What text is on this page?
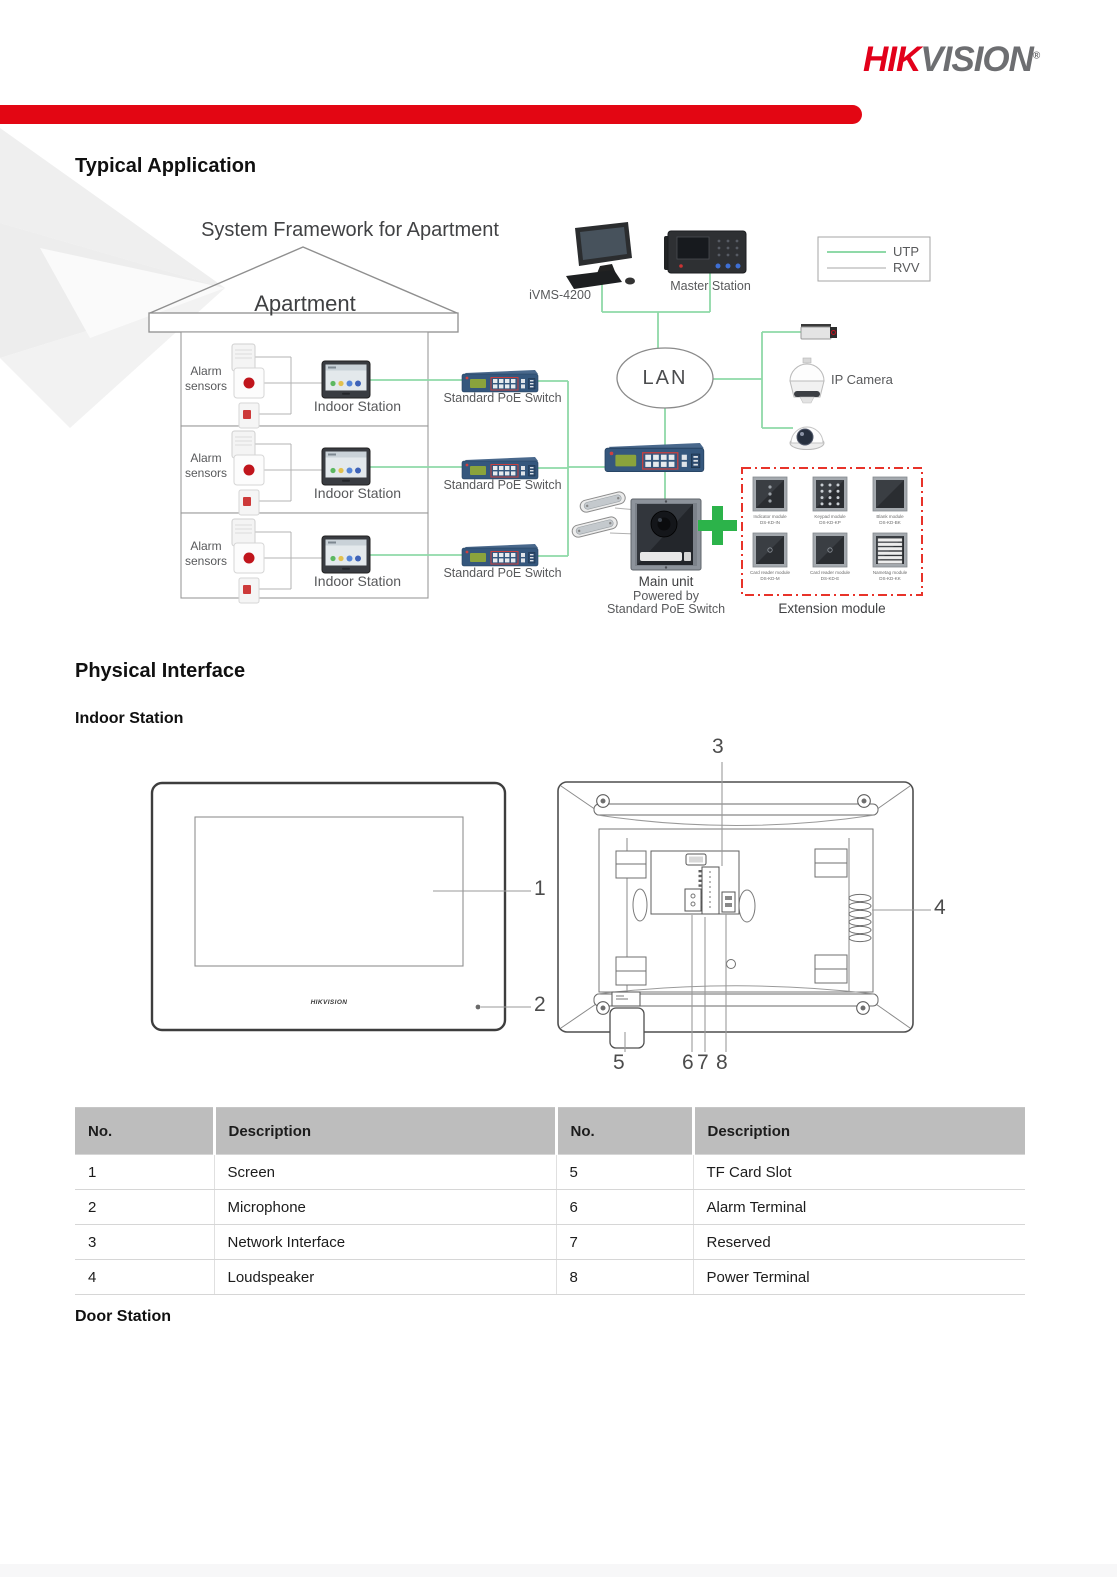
HIKVISION®
Typical Application
Physical Interface
Indoor Station
Door Station
System Framework for Apartment
Apartment
Alarm sensors
Alarm sensors
Alarm sensors
Indoor Station
Indoor Station
Indoor Station
Standard PoE Switch
Standard PoE Switch
Standard PoE Switch
iVMS-4200
Master Station
LAN
UTP
RVV
IP Camera
Main unit
Powered by
Standard PoE Switch	Extension module
Indicator module
DS-KD-IN
Keypad module
DS-KD-KP
Blank module
DS-KD-BK
Card reader module
DS-KD-M
Card reader module
DS-KD-E
Nametag module
DS-KD-KK
HIKVISION
1
2
3
4
5	6 7 8
No.	Description	No.	Description
1	Screen	5	TF Card Slot
2	Microphone	6	Alarm Terminal
3	Network Interface	7	Reserved
4	Loudspeaker	8	Power Terminal
